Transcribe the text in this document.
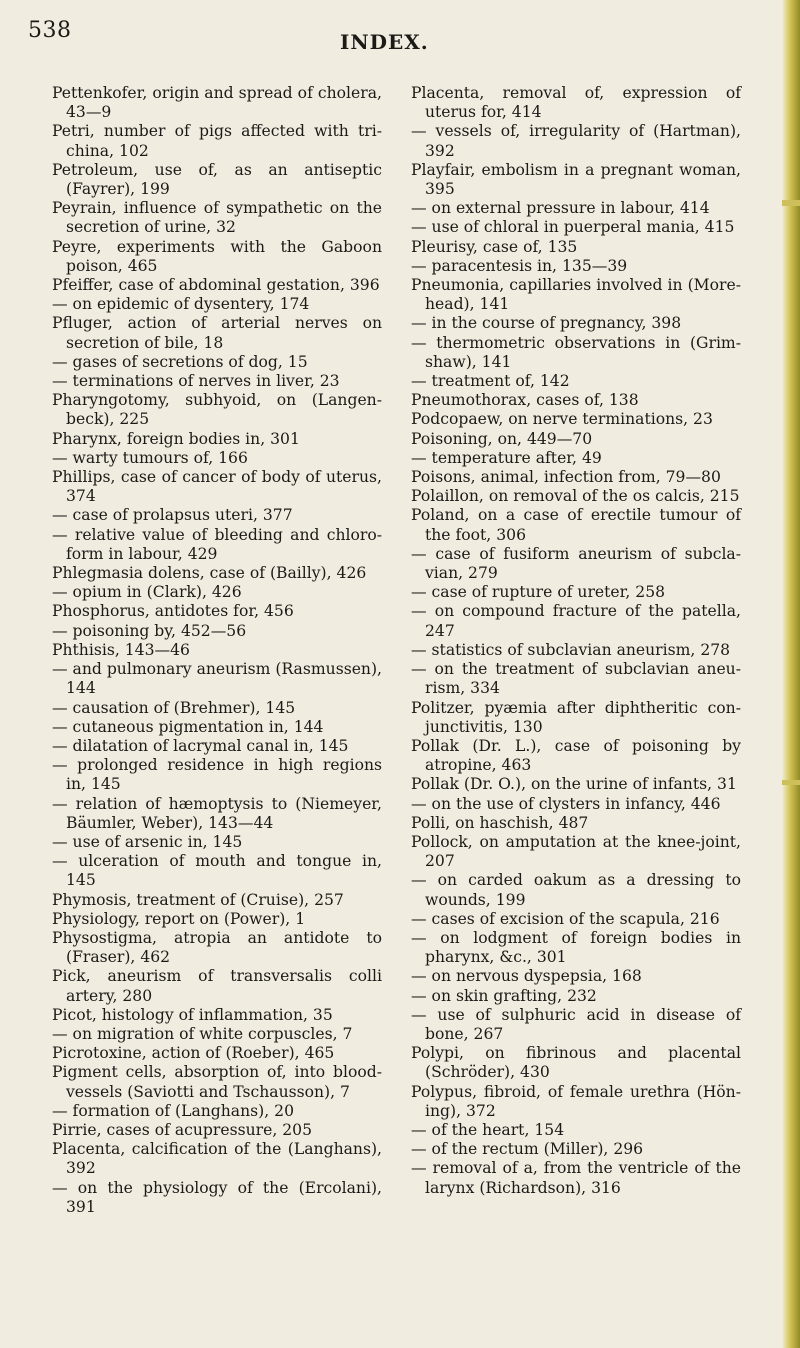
538	INDEX.
Pettenkofer, origin and spread of cholera, 43—9
Petri, number of pigs affected with tri- china, 102
Petroleum, use of, as an antiseptic (Fayrer), 199
Peyrain, influence of sympathetic on the secretion of urine, 32
Peyre, experiments with the Gaboon poison, 465
Pfeiffer, case of abdominal gestation, 396
— on epidemic of dysentery, 174
Pfluger, action of arterial nerves on secretion of bile, 18
— gases of secretions of dog, 15
— terminations of nerves in liver, 23
Pharyngotomy, subhyoid, on (Langen- beck), 225
Pharynx, foreign bodies in, 301
— warty tumours of, 166
Phillips, case of cancer of body of uterus, 374
— case of prolapsus uteri, 377
— relative value of bleeding and chloro- form in labour, 429
Phlegmasia dolens, case of (Bailly), 426
— opium in (Clark), 426
Phosphorus, antidotes for, 456
— poisoning by, 452—56
Phthisis, 143—46
— and pulmonary aneurism (Rasmussen), 144
— causation of (Brehmer), 145
— cutaneous pigmentation in, 144
— dilatation of lacrymal canal in, 145
— prolonged residence in high regions in, 145
— relation of hæmoptysis to (Niemeyer, Bäumler, Weber), 143—44
— use of arsenic in, 145
— ulceration of mouth and tongue in, 145
Phymosis, treatment of (Cruise), 257
Physiology, report on (Power), 1
Physostigma, atropia an antidote to (Fraser), 462
Pick, aneurism of transversalis colli artery, 280
Picot, histology of inflammation, 35
— on migration of white corpuscles, 7
Picrotoxine, action of (Roeber), 465
Pigment cells, absorption of, into blood- vessels (Saviotti and Tschausson), 7
— formation of (Langhans), 20
Pirrie, cases of acupressure, 205
Placenta, calcification of the (Langhans), 392
— on the physiology of the (Ercolani), 391
Placenta, removal of, expression of uterus for, 414
— vessels of, irregularity of (Hartman), 392
Playfair, embolism in a pregnant woman, 395
— on external pressure in labour, 414
— use of chloral in puerperal mania, 415
Pleurisy, case of, 135
— paracentesis in, 135—39
Pneumonia, capillaries involved in (More- head), 141
— in the course of pregnancy, 398
— thermometric observations in (Grim- shaw), 141
— treatment of, 142
Pneumothorax, cases of, 138
Podcopaew, on nerve terminations, 23
Poisoning, on, 449—70
— temperature after, 49
Poisons, animal, infection from, 79—80
Polaillon, on removal of the os calcis, 215
Poland, on a case of erectile tumour of the foot, 306
— case of fusiform aneurism of subcla- vian, 279
— case of rupture of ureter, 258
— on compound fracture of the patella, 247
— statistics of subclavian aneurism, 278
— on the treatment of subclavian aneu- rism, 334
Politzer, pyæmia after diphtheritic con- junctivitis, 130
Pollak (Dr. L.), case of poisoning by atropine, 463
Pollak (Dr. O.), on the urine of infants, 31
— on the use of clysters in infancy, 446
Polli, on haschish, 487
Pollock, on amputation at the knee-joint, 207
— on carded oakum as a dressing to wounds, 199
— cases of excision of the scapula, 216
— on lodgment of foreign bodies in pharynx, &c., 301
— on nervous dyspepsia, 168
— on skin grafting, 232
— use of sulphuric acid in disease of bone, 267
Polypi, on fibrinous and placental (Schröder), 430
Polypus, fibroid, of female urethra (Hön- ing), 372
— of the heart, 154
— of the rectum (Miller), 296
— removal of a, from the ventricle of the larynx (Richardson), 316
